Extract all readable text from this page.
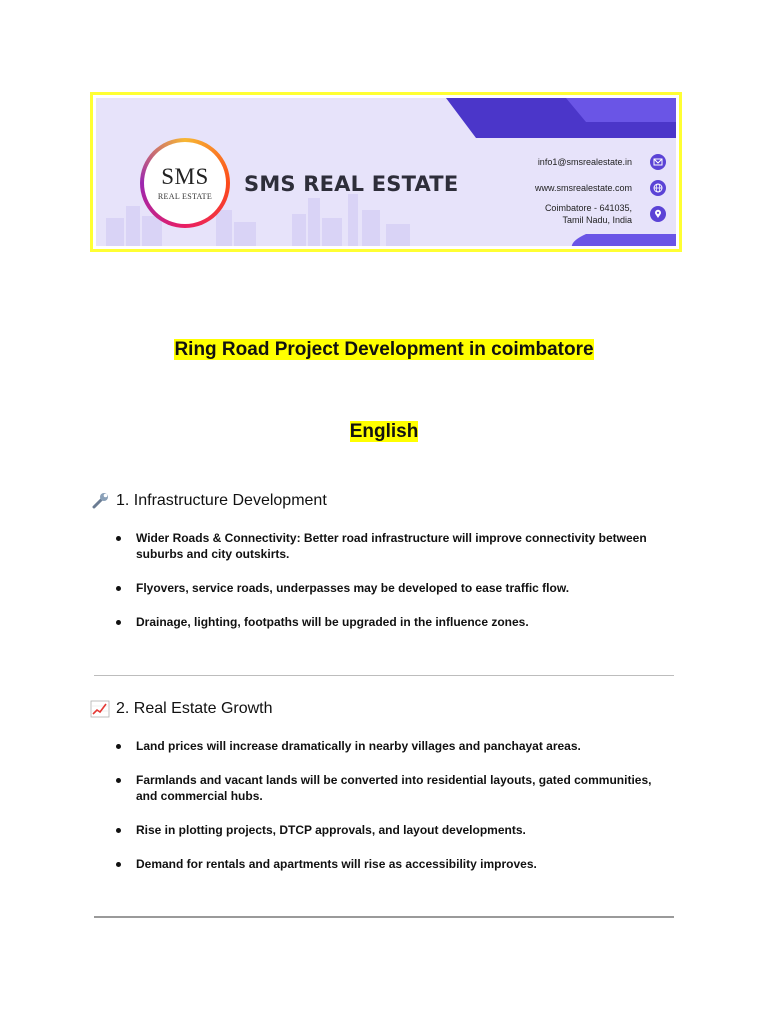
SMS
REAL ESTATE
SMS REAL ESTATE
info1@smsrealestate.in
www.smsrealestate.com
Coimbatore - 641035,
Tamil Nadu, India
Ring Road Project Development in coimbatore
English
1. Infrastructure Development
Wider Roads & Connectivity: Better road infrastructure will improve connectivity between suburbs and city outskirts.
Flyovers, service roads, underpasses may be developed to ease traffic flow.
Drainage, lighting, footpaths will be upgraded in the influence zones.
2. Real Estate Growth
Land prices will increase dramatically in nearby villages and panchayat areas.
Farmlands and vacant lands will be converted into residential layouts, gated communities, and commercial hubs.
Rise in plotting projects, DTCP approvals, and layout developments.
Demand for rentals and apartments will rise as accessibility improves.
